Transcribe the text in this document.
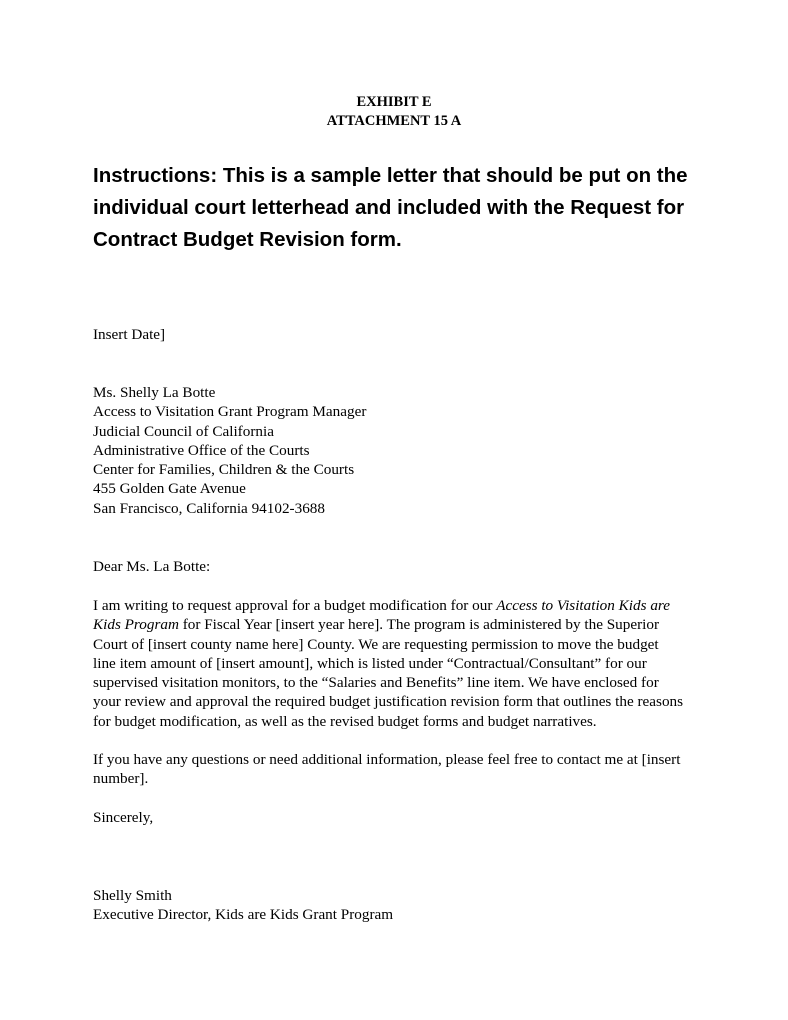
EXHIBIT E
ATTACHMENT 15 A
Instructions: This is a sample letter that should be put on the
individual court letterhead and included with the Request for
Contract Budget Revision form.
Insert Date]
Ms. Shelly La Botte
Access to Visitation Grant Program Manager
Judicial Council of California
Administrative Office of the Courts
Center for Families, Children & the Courts
455 Golden Gate Avenue
San Francisco, California 94102-3688
Dear Ms. La Botte:
I am writing to request approval for a budget modification for our Access to Visitation Kids are
Kids Program for Fiscal Year [insert year here]. The program is administered by the Superior
Court of [insert county name here] County. We are requesting permission to move the budget
line item amount of [insert amount], which is listed under “Contractual/Consultant” for our
supervised visitation monitors, to the “Salaries and Benefits” line item. We have enclosed for
your review and approval the required budget justification revision form that outlines the reasons
for budget modification, as well as the revised budget forms and budget narratives.
If you have any questions or need additional information, please feel free to contact me at [insert
number].
Sincerely,
Shelly Smith
Executive Director, Kids are Kids Grant Program
